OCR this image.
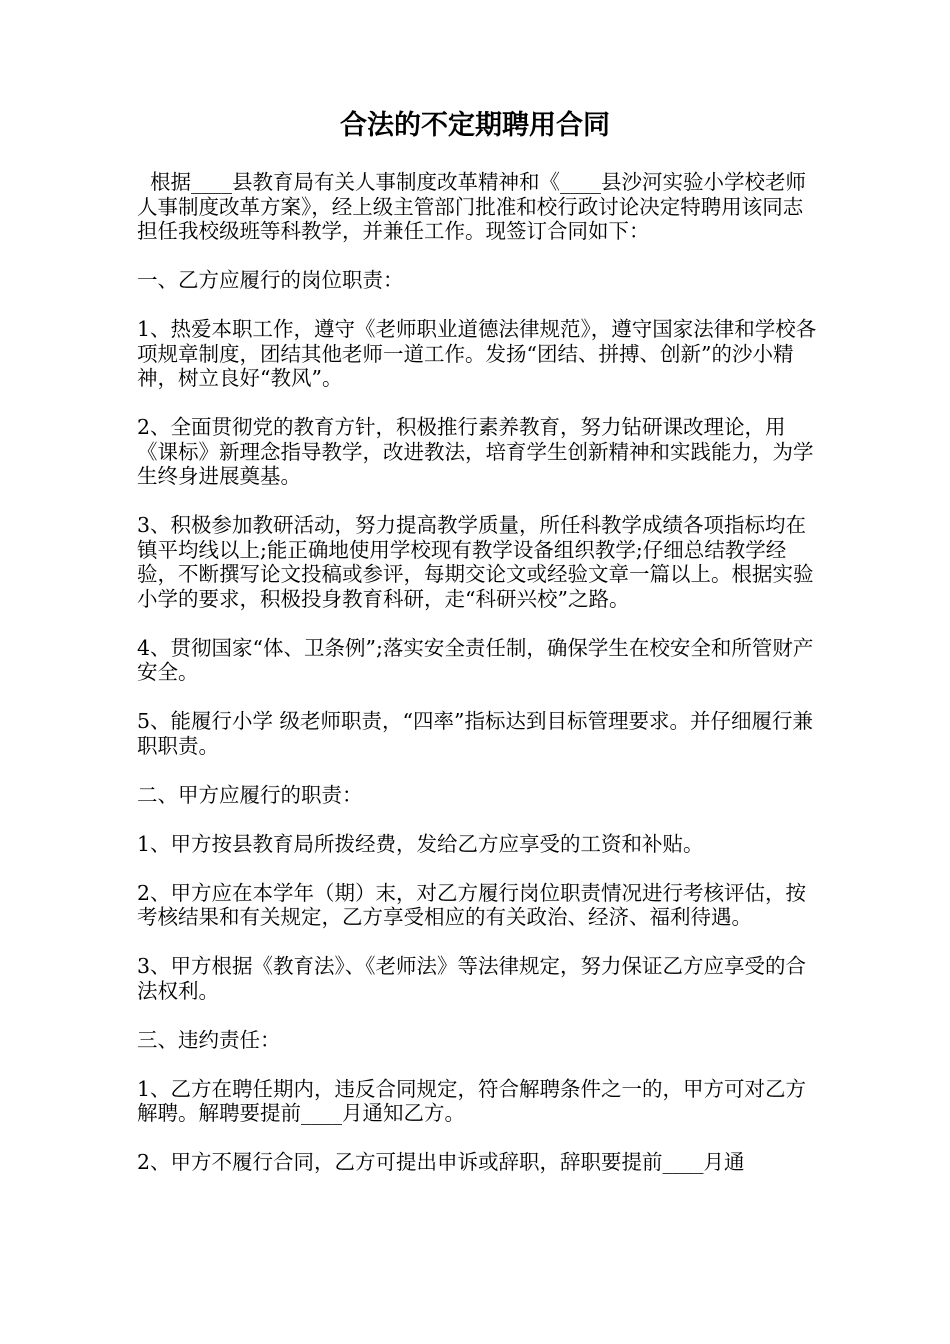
合法的不定期聘用合同

根据____县教育局有关人事制度改革精神和《____县沙河实验小学校老师人事制度改革方案》，经上级主管部门批准和校行政讨论决定特聘用该同志担任我校级班等科教学，并兼任工作。现签订合同如下：

一、乙方应履行的岗位职责：

1、热爱本职工作，遵守《老师职业道德法律规范》，遵守国家法律和学校各项规章制度，团结其他老师一道工作。发扬“团结、拼搏、创新”的沙小精神，树立良好“教风”。

2、全面贯彻党的教育方针，积极推行素养教育，努力钻研课改理论，用《课标》新理念指导教学，改进教法，培育学生创新精神和实践能力，为学生终身进展奠基。

3、积极参加教研活动，努力提高教学质量，所任科教学成绩各项指标均在镇平均线以上;能正确地使用学校现有教学设备组织教学;仔细总结教学经验，不断撰写论文投稿或参评，每期交论文或经验文章一篇以上。根据实验小学的要求，积极投身教育科研，走“科研兴校”之路。

4、贯彻国家“体、卫条例”;落实安全责任制，确保学生在校安全和所管财产安全。

5、能履行小学 级老师职责，“四率”指标达到目标管理要求。并仔细履行兼职职责。

二、甲方应履行的职责：

1、甲方按县教育局所拨经费，发给乙方应享受的工资和补贴。

2、甲方应在本学年（期）末，对乙方履行岗位职责情况进行考核评估，按考核结果和有关规定，乙方享受相应的有关政治、经济、福利待遇。

3、甲方根据《教育法》、《老师法》等法律规定，努力保证乙方应享受的合法权利。

三、违约责任：

1、乙方在聘任期内，违反合同规定，符合解聘条件之一的，甲方可对乙方解聘。解聘要提前____月通知乙方。

2、甲方不履行合同，乙方可提出申诉或辞职，辞职要提前____月通
